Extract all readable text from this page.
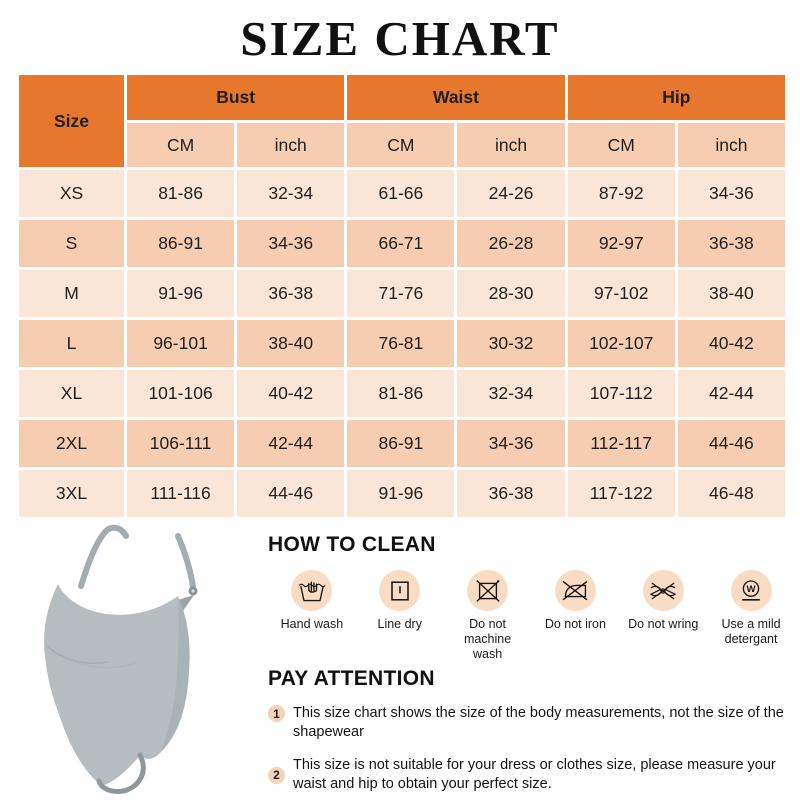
SIZE CHART
Size	Bust		Waist		Hip	
	CM	inch	CM	inch	CM	inch
XS	81-86	32-34	61-66	24-26	87-92	34-36
S	86-91	34-36	66-71	26-28	92-97	36-38
M	91-96	36-38	71-76	28-30	97-102	38-40
L	96-101	38-40	76-81	30-32	102-107	40-42
XL	101-106	40-42	81-86	32-34	107-112	42-44
2XL	106-111	42-44	86-91	34-36	112-117	44-46
3XL	111-116	44-46	91-96	36-38	117-122	46-48
HOW TO CLEAN
Hand wash	Line dry	Do not machine wash
Do not iron Do not wring
W
Use a mild detergant
PAY ATTENTION
1 This size chart shows the size of the body measurements, not the size of the shapewear
2
This size is not suitable for your dress or clothes size, please measure your waist and hip to obtain your perfect size.
